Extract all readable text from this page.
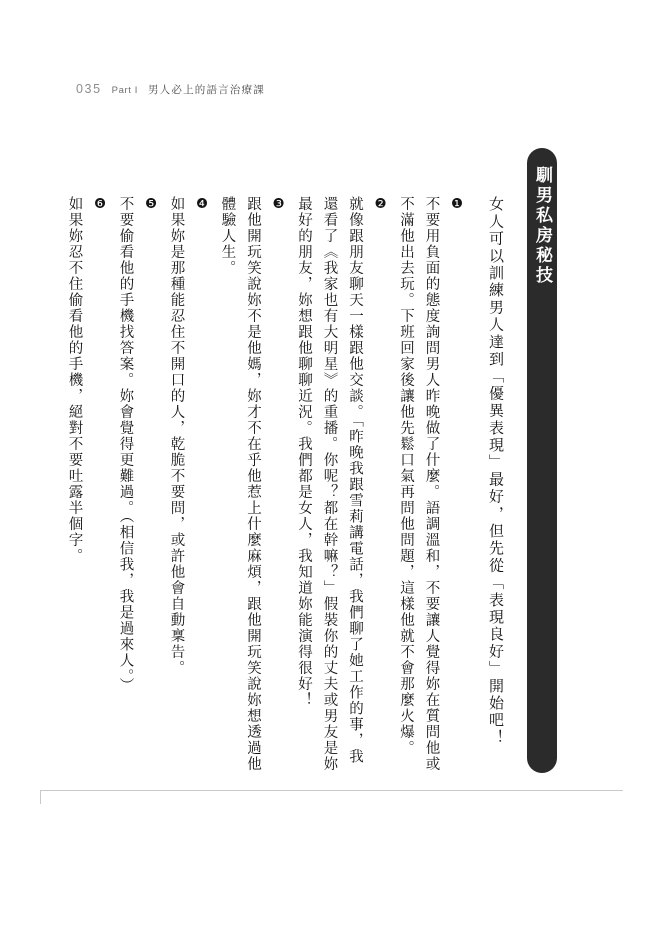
035 Part I 男人必上的語言治療課
馴男私房秘技
女人可以訓練男人達到「優異表現」最好，但先從「表現良好」開始吧！
❶
不要用負面的態度詢問男人昨晚做了什麼。語調溫和，不要讓人覺得妳在質問他或不滿他出去玩。下班回家後讓他先鬆口氣再問他問題，這樣他就不會那麼火爆。
❷
就像跟朋友聊天一樣跟他交談。「昨晚我跟雪莉講電話，我們聊了她工作的事，我還看了《我家也有大明星》的重播。你呢？都在幹嘛？」假裝你的丈夫或男友是妳最好的朋友，妳想跟他聊聊近況。我們都是女人，我知道妳能演得很好！
❸
跟他開玩笑說妳不是他媽，妳才不在乎他惹上什麼麻煩，跟他開玩笑說妳想透過他體驗人生。
❹
如果妳是那種能忍住不開口的人，乾脆不要問，或許他會自動稟告。
❺
不要偷看他的手機找答案。妳會覺得更難過。（相信我，我是過來人。）
❻
如果妳忍不住偷看他的手機，絕對不要吐露半個字。
